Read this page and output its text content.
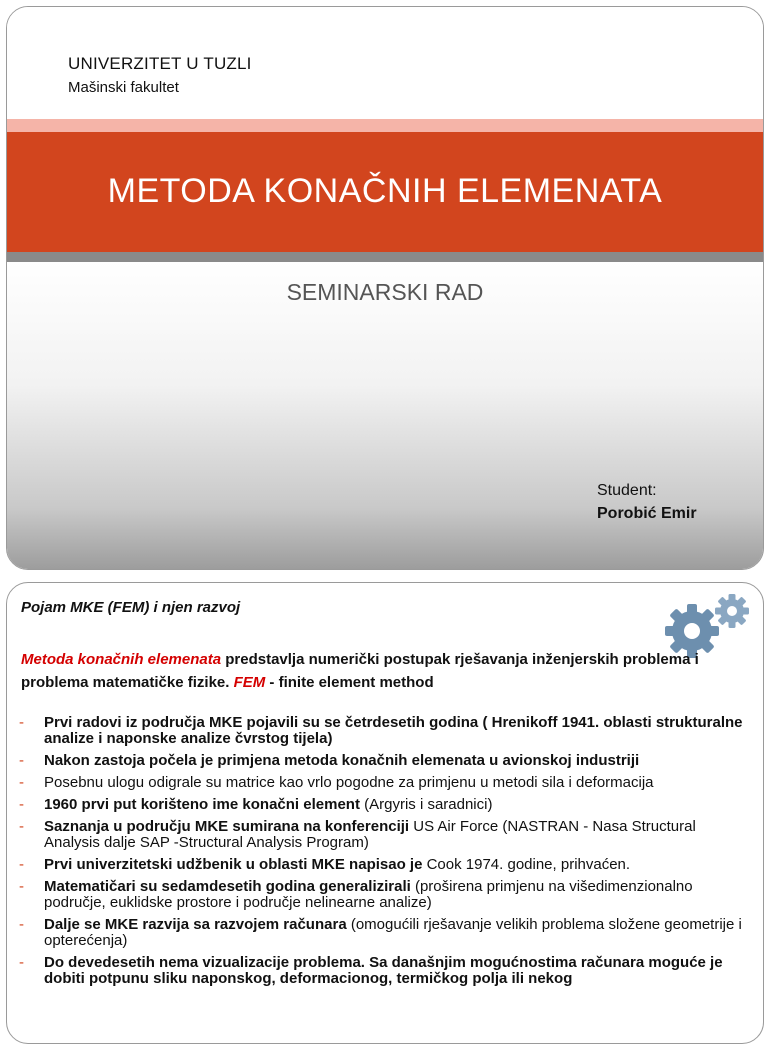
UNIVERZITET U TUZLI
Mašinski fakultet
METODA KONAČNIH ELEMENATA
SEMINARSKI RAD
Student:
Porobić Emir
Pojam MKE (FEM) i njen razvoj
Metoda konačnih elemenata predstavlja numerički postupak rješavanja inženjerskih problema i problema matematičke fizike. FEM - finite element method
- Prvi radovi iz područja MKE pojavili su se četrdesetih godina ( Hrenikoff 1941. oblasti strukturalne analize i naponske analize čvrstog tijela)
- Nakon zastoja počela je primjena metoda konačnih elemenata u avionskoj industriji
- Posebnu ulogu odigrale su matrice kao vrlo pogodne za primjenu u metodi sila i deformacija
- 1960 prvi put korišteno ime konačni element (Argyris i saradnici)
- Saznanja u području MKE sumirana na konferenciji US Air Force (NASTRAN - Nasa Structural Analysis dalje SAP -Structural Analysis Program)
- Prvi univerzitetski udžbenik u oblasti MKE napisao je Cook 1974. godine, prihvaćen.
- Matematičari su sedamdesetih godina generalizirali (proširena primjenu na višedimenzionalno područje, euklidske prostore i područje nelinearne analize)
- Dalje se MKE razvija sa razvojem računara (omogućili rješavanje velikih problema složene geometrije i opterećenja)
- Do devedesetih nema vizualizacije problema. Sa današnjim mogućnostima računara moguće je dobiti potpunu sliku naponskog, deformacionog, termičkog polja ili nekog
